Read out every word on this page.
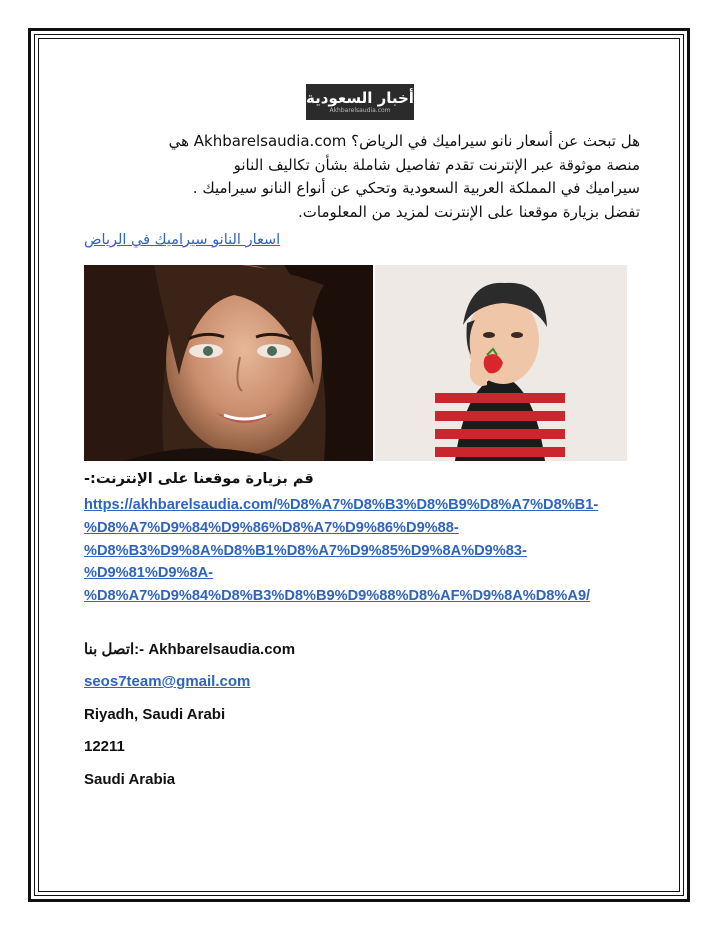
أخبار السعودية
Akhbarelsaudia.com
هل تبحث عن أسعار نانو سيراميك في الرياض؟ Akhbarelsaudia.com هي
منصة موثوقة عبر الإنترنت تقدم تفاصيل شاملة بشأن تكاليف النانو
سيراميك في المملكة العربية السعودية وتحكي عن أنواع النانو سيراميك .
تفضل بزيارة موقعنا على الإنترنت لمزيد من المعلومات.
اسعار النانو سيراميك في الرياض
قم بزيارة موقعنا على الإنترنت:-
https://akhbarelsaudia.com/%D8%A7%D8%B3%D8%B9%D8%A7%D8%B1-
%D8%A7%D9%84%D9%86%D8%A7%D9%86%D9%88-
%D8%B3%D9%8A%D8%B1%D8%A7%D9%85%D9%8A%D9%83-
%D9%81%D9%8A-
%D8%A7%D9%84%D8%B3%D8%B9%D9%88%D8%AF%D9%8A%D8%A9/
اتصل بنا:- Akhbarelsaudia.com
seos7team@gmail.com
Riyadh, Saudi Arabi
12211
Saudi Arabia
